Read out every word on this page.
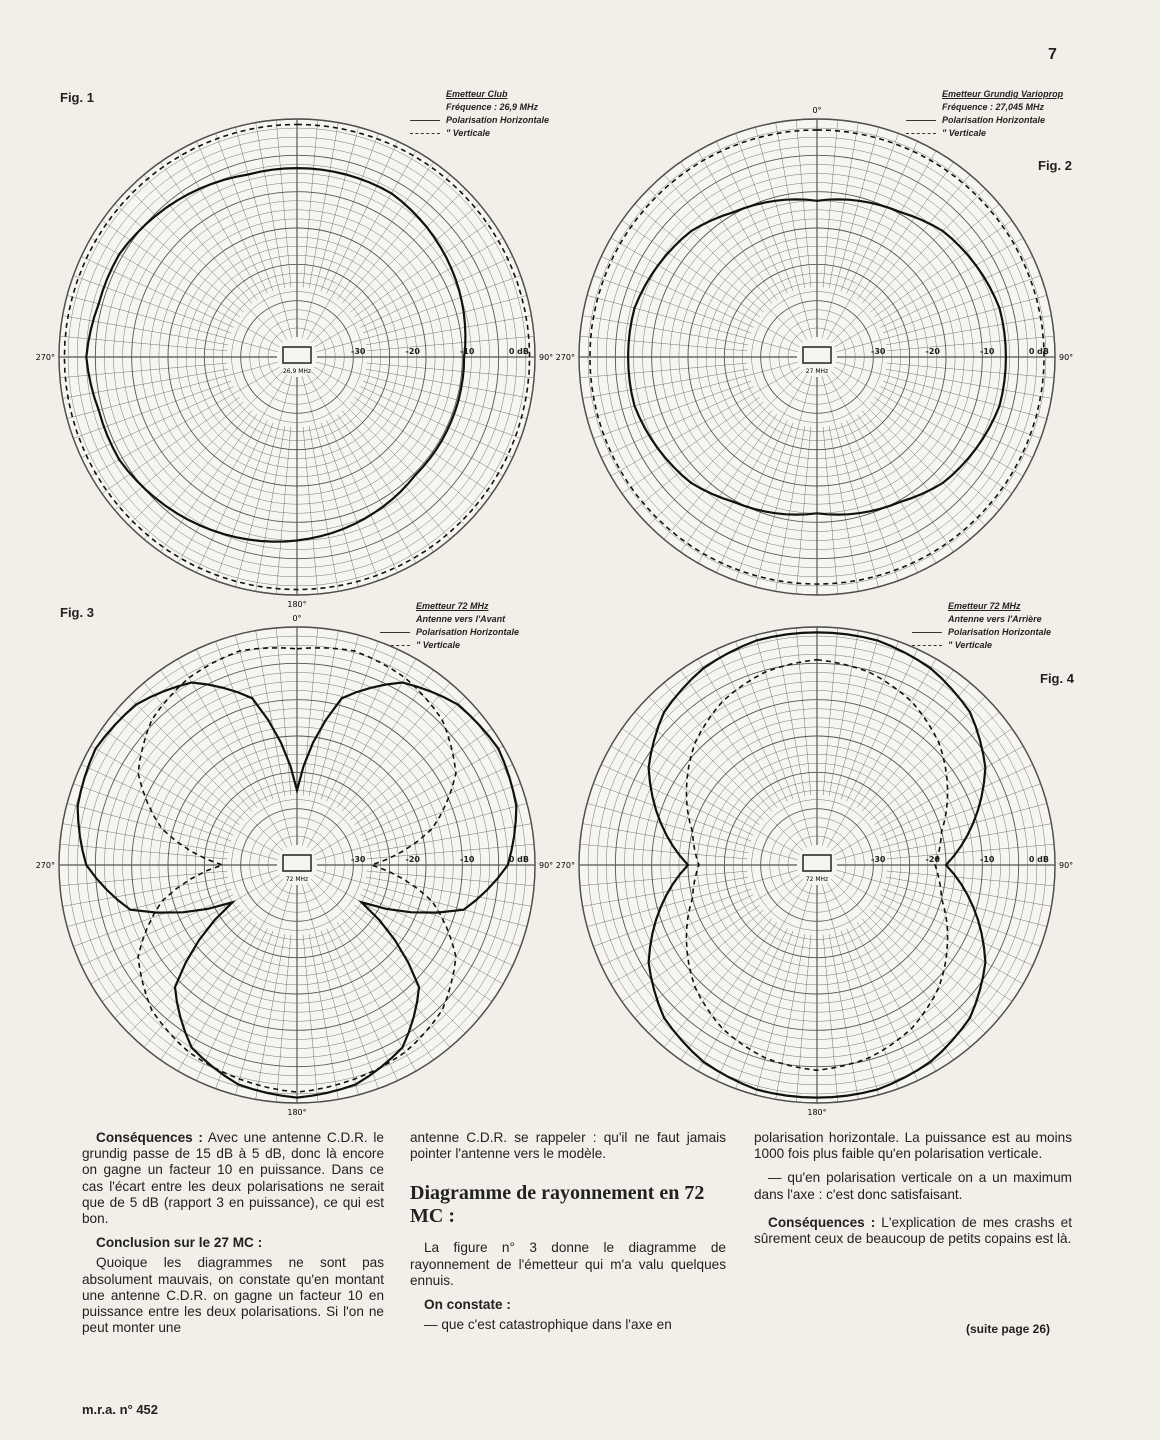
7
Fig. 1
Fig. 2
Fig. 3
Fig. 4
Emetteur Club
Fréquence : 26,9 MHz
Polarisation Horizontale
" Verticale
Emetteur Grundig Varioprop
Fréquence : 27,045 MHz
Polarisation Horizontale
" Verticale
Emetteur 72 MHz
Antenne vers l'Avant
Polarisation Horizontale
" Verticale
Emetteur 72 MHz
Antenne vers l'Arrière
Polarisation Horizontale
" Verticale
26,9 MHz
0 dB
-10
-20
-30
90°
180°
270°
27 MHz
0 dB
-10
-20
-30
0°
90°
270°
72 MHz
0 dB
-10
-20
-30
0°
90°
180°
270°
72 MHz
0 dB
-10
-20
-30
90°
180°
270°

Conséquences : Avec une antenne C.D.R. le grundig passe de 15 dB à 5 dB, donc là encore on gagne un facteur 10 en puissance. Dans ce cas l'écart entre les deux polarisations ne serait que de 5 dB (rapport 3 en puissance), ce qui est bon.

Conclusion sur le 27 MC :

Quoique les diagrammes ne sont pas absolument mauvais, on constate qu'en montant une antenne C.D.R. on gagne un facteur 10 en puissance entre les deux polarisations. Si l'on ne peut monter une

antenne C.D.R. se rappeler : qu'il ne faut jamais pointer l'antenne vers le modèle.

Diagramme de rayonnement en 72 MC :

La figure n° 3 donne le diagramme de rayonnement de l'émetteur qui m'a valu quelques ennuis.

On constate :

— que c'est catastrophique dans l'axe en

polarisation horizontale. La puissance est au moins 1000 fois plus faible qu'en polarisation verticale.

— qu'en polarisation verticale on a un maximum dans l'axe : c'est donc satisfaisant.

Conséquences : L'explication de mes crashs et sûrement ceux de beaucoup de petits copains est là.

(suite page 26)
m.r.a. n° 452
